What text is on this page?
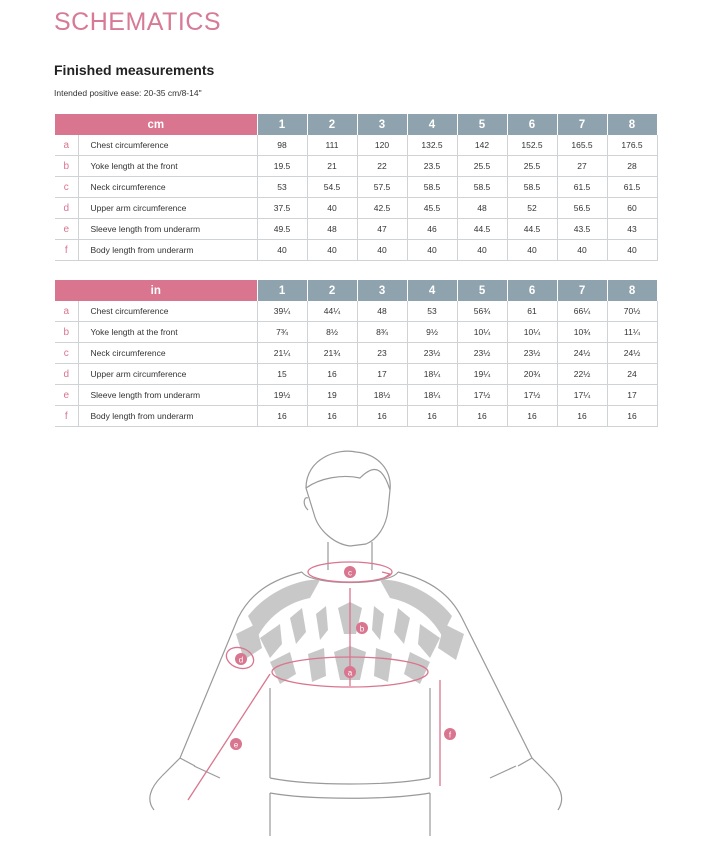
SCHEMATICS
Finished measurements
Intended positive ease: 20-35 cm/8-14"
cm		1	2	3	4	5	6	7	8
a	Chest circumference	98	111	120	132.5	142	152.5	165.5	176.5
b	Yoke length at the front	19.5	21	22	23.5	25.5	25.5	27	28
c	Neck circumference	53	54.5	57.5	58.5	58.5	58.5	61.5	61.5
d	Upper arm circumference	37.5	40	42.5	45.5	48	52	56.5	60
e	Sleeve length from underarm	49.5	48	47	46	44.5	44.5	43.5	43
f	Body length from underarm	40	40	40	40	40	40	40	40
in		1	2	3	4	5	6	7	8
a	Chest circumference	39¼	44¼	48	53	56¾	61	66¼	70½
b	Yoke length at the front	7¾	8½	8¾	9½	10¼	10¼	10¾	11¼
c	Neck circumference	21¼	21¾	23	23½	23½	23½	24½	24½
d	Upper arm circumference	15	16	17	18¼	19¼	20¾	22½	24
e	Sleeve length from underarm	19½	19	18½	18¼	17½	17½	17¼	17
f	Body length from underarm	16	16	16	16	16	16	16	16
c
b
a
d
e
f
